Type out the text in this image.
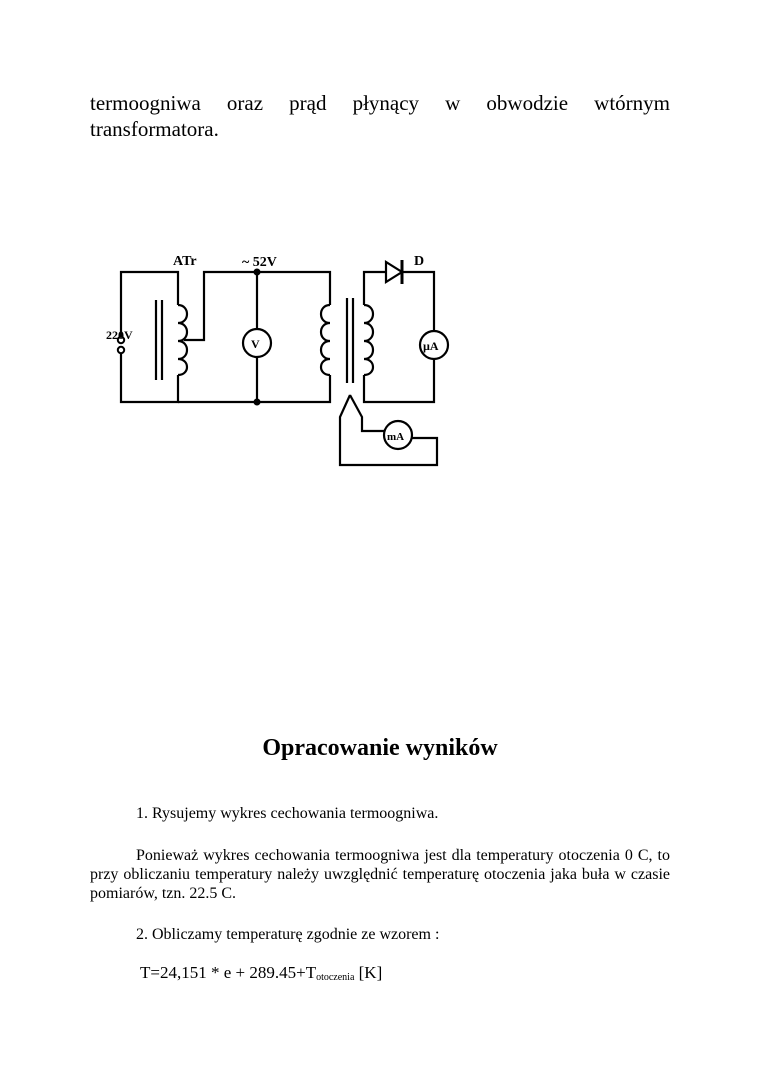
termoogniwa oraz prąd płynący w obwodzie wtórnym
transformatora.
ATr	~ 52V	D
220V
V	µA
mA
Opracowanie wyników
1. Rysujemy wykres cechowania termoogniwa.
Ponieważ wykres cechowania termoogniwa jest dla temperatury otoczenia 0 C, to przy obliczaniu temperatury należy uwzględnić temperaturę otoczenia jaka buła w czasie pomiarów, tzn. 22.5 C.
2. Obliczamy temperaturę zgodnie ze wzorem :
$T=24,151 * e + 289.45+T_{otoczenia}$ [K]
